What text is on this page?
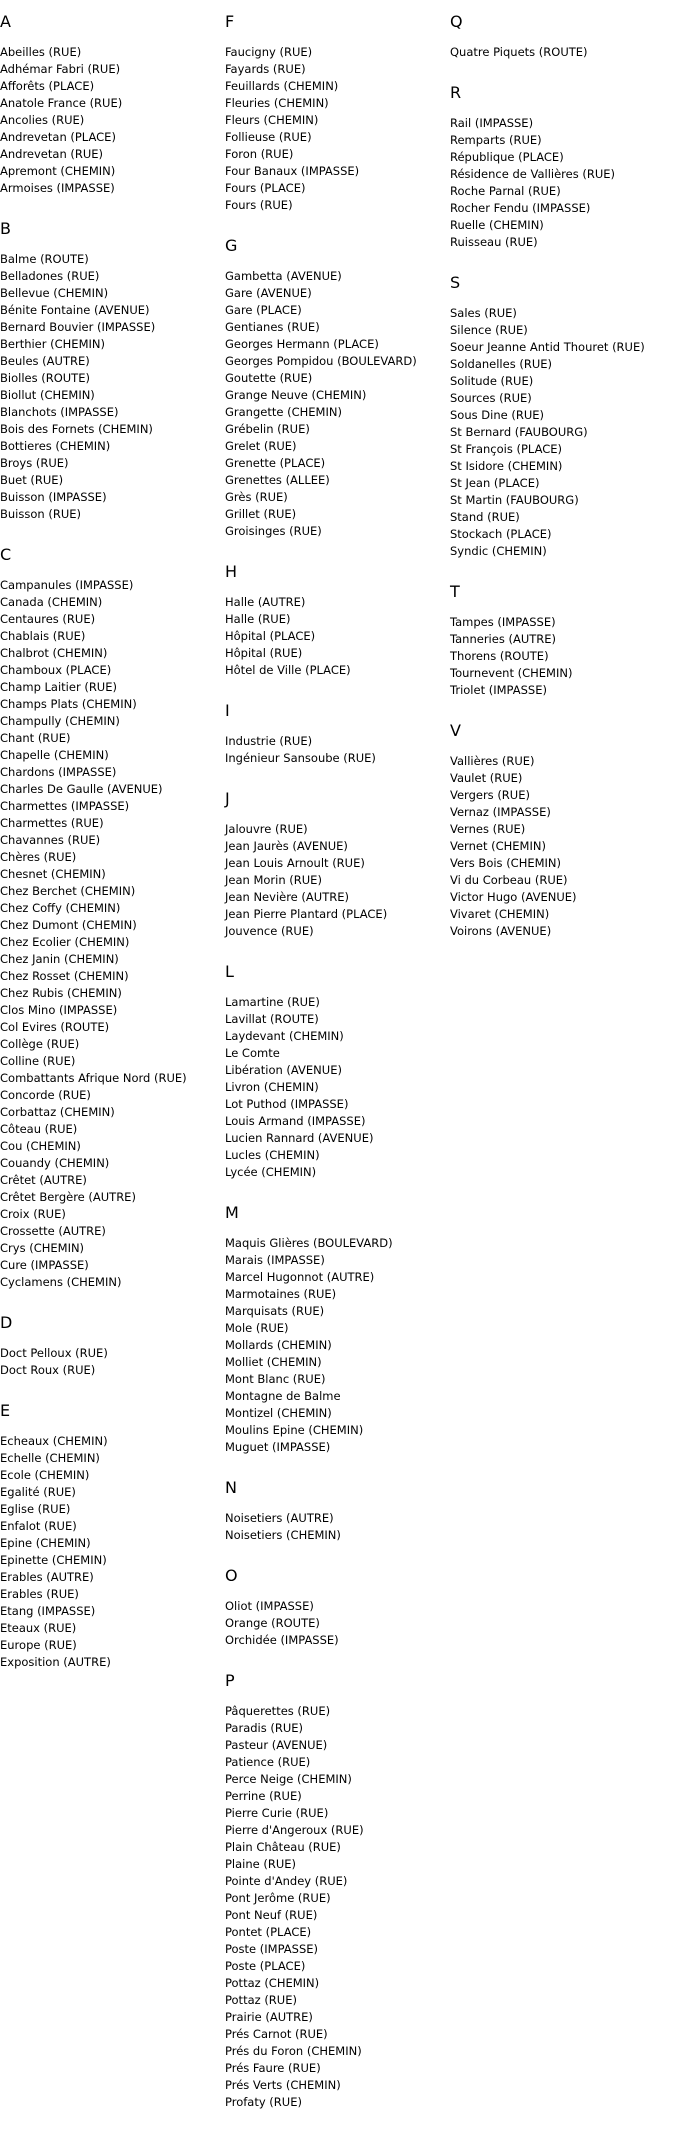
A
Abeilles (RUE)
Adhémar Fabri (RUE)
Afforêts (PLACE)
Anatole France (RUE)
Ancolies (RUE)
Andrevetan (PLACE)
Andrevetan (RUE)
Apremont (CHEMIN)
Armoises (IMPASSE)
B
Balme (ROUTE)
Belladones (RUE)
Bellevue (CHEMIN)
Bénite Fontaine (AVENUE)
Bernard Bouvier (IMPASSE)
Berthier (CHEMIN)
Beules (AUTRE)
Biolles (ROUTE)
Biollut (CHEMIN)
Blanchots (IMPASSE)
Bois des Fornets (CHEMIN)
Bottieres (CHEMIN)
Broys (RUE)
Buet (RUE)
Buisson (IMPASSE)
Buisson (RUE)
C
Campanules (IMPASSE)
Canada (CHEMIN)
Centaures (RUE)
Chablais (RUE)
Chalbrot (CHEMIN)
Chamboux (PLACE)
Champ Laitier (RUE)
Champs Plats (CHEMIN)
Champully (CHEMIN)
Chant (RUE)
Chapelle (CHEMIN)
Chardons (IMPASSE)
Charles De Gaulle (AVENUE)
Charmettes (IMPASSE)
Charmettes (RUE)
Chavannes (RUE)
Chères (RUE)
Chesnet (CHEMIN)
Chez Berchet (CHEMIN)
Chez Coffy (CHEMIN)
Chez Dumont (CHEMIN)
Chez Ecolier (CHEMIN)
Chez Janin (CHEMIN)
Chez Rosset (CHEMIN)
Chez Rubis (CHEMIN)
Clos Mino (IMPASSE)
Col Evires (ROUTE)
Collège (RUE)
Colline (RUE)
Combattants Afrique Nord (RUE)
Concorde (RUE)
Corbattaz (CHEMIN)
Côteau (RUE)
Cou (CHEMIN)
Couandy (CHEMIN)
Crêtet (AUTRE)
Crêtet Bergère (AUTRE)
Croix (RUE)
Crossette (AUTRE)
Crys (CHEMIN)
Cure (IMPASSE)
Cyclamens (CHEMIN)
D
Doct Pelloux (RUE)
Doct Roux (RUE)
E
Echeaux (CHEMIN)
Echelle (CHEMIN)
Ecole (CHEMIN)
Egalité (RUE)
Eglise (RUE)
Enfalot (RUE)
Epine (CHEMIN)
Epinette (CHEMIN)
Erables (AUTRE)
Erables (RUE)
Etang (IMPASSE)
Eteaux (RUE)
Europe (RUE)
Exposition (AUTRE)
F
Faucigny (RUE)
Fayards (RUE)
Feuillards (CHEMIN)
Fleuries (CHEMIN)
Fleurs (CHEMIN)
Follieuse (RUE)
Foron (RUE)
Four Banaux (IMPASSE)
Fours (PLACE)
Fours (RUE)
G
Gambetta (AVENUE)
Gare (AVENUE)
Gare (PLACE)
Gentianes (RUE)
Georges Hermann (PLACE)
Georges Pompidou (BOULEVARD)
Goutette (RUE)
Grange Neuve (CHEMIN)
Grangette (CHEMIN)
Grébelin (RUE)
Grelet (RUE)
Grenette (PLACE)
Grenettes (ALLEE)
Grès (RUE)
Grillet (RUE)
Groisinges (RUE)
H
Halle (AUTRE)
Halle (RUE)
Hôpital (PLACE)
Hôpital (RUE)
Hôtel de Ville (PLACE)
I
Industrie (RUE)
Ingénieur Sansoube (RUE)
J
Jalouvre (RUE)
Jean Jaurès (AVENUE)
Jean Louis Arnoult (RUE)
Jean Morin (RUE)
Jean Nevière (AUTRE)
Jean Pierre Plantard (PLACE)
Jouvence (RUE)
L
Lamartine (RUE)
Lavillat (ROUTE)
Laydevant (CHEMIN)
Le Comte
Libération (AVENUE)
Livron (CHEMIN)
Lot Puthod (IMPASSE)
Louis Armand (IMPASSE)
Lucien Rannard (AVENUE)
Lucles (CHEMIN)
Lycée (CHEMIN)
M
Maquis Glières (BOULEVARD)
Marais (IMPASSE)
Marcel Hugonnot (AUTRE)
Marmotaines (RUE)
Marquisats (RUE)
Mole (RUE)
Mollards (CHEMIN)
Molliet (CHEMIN)
Mont Blanc (RUE)
Montagne de Balme
Montizel (CHEMIN)
Moulins Epine (CHEMIN)
Muguet (IMPASSE)
N
Noisetiers (AUTRE)
Noisetiers (CHEMIN)
O
Oliot (IMPASSE)
Orange (ROUTE)
Orchidée (IMPASSE)
P
Pâquerettes (RUE)
Paradis (RUE)
Pasteur (AVENUE)
Patience (RUE)
Perce Neige (CHEMIN)
Perrine (RUE)
Pierre Curie (RUE)
Pierre d'Angeroux (RUE)
Plain Château (RUE)
Plaine (RUE)
Pointe d'Andey (RUE)
Pont Jerôme (RUE)
Pont Neuf (RUE)
Pontet (PLACE)
Poste (IMPASSE)
Poste (PLACE)
Pottaz (CHEMIN)
Pottaz (RUE)
Prairie (AUTRE)
Prés Carnot (RUE)
Prés du Foron (CHEMIN)
Prés Faure (RUE)
Prés Verts (CHEMIN)
Profaty (RUE)
Q
Quatre Piquets (ROUTE)
R
Rail (IMPASSE)
Remparts (RUE)
République (PLACE)
Résidence de Vallières (RUE)
Roche Parnal (RUE)
Rocher Fendu (IMPASSE)
Ruelle (CHEMIN)
Ruisseau (RUE)
S
Sales (RUE)
Silence (RUE)
Soeur Jeanne Antid Thouret (RUE)
Soldanelles (RUE)
Solitude (RUE)
Sources (RUE)
Sous Dine (RUE)
St Bernard (FAUBOURG)
St François (PLACE)
St Isidore (CHEMIN)
St Jean (PLACE)
St Martin (FAUBOURG)
Stand (RUE)
Stockach (PLACE)
Syndic (CHEMIN)
T
Tampes (IMPASSE)
Tanneries (AUTRE)
Thorens (ROUTE)
Tournevent (CHEMIN)
Triolet (IMPASSE)
V
Vallières (RUE)
Vaulet (RUE)
Vergers (RUE)
Vernaz (IMPASSE)
Vernes (RUE)
Vernet (CHEMIN)
Vers Bois (CHEMIN)
Vi du Corbeau (RUE)
Victor Hugo (AVENUE)
Vivaret (CHEMIN)
Voirons (AVENUE)
